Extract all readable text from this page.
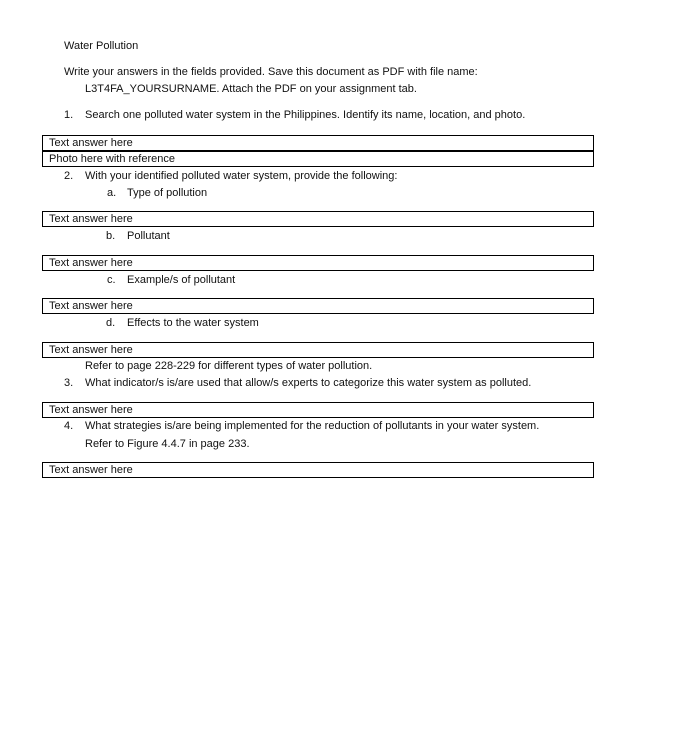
Water Pollution
Write your answers in the fields provided. Save this document as PDF with file name:
L3T4FA_YOURSURNAME. Attach the PDF on your assignment tab.
1. Search one polluted water system in the Philippines. Identify its name, location, and photo.
Text answer here
Photo here with reference
2. With your identified polluted water system, provide the following:
a. Type of pollution
Text answer here
b. Pollutant
Text answer here
c. Example/s of pollutant
Text answer here
d. Effects to the water system
Text answer here
Refer to page 228-229 for different types of water pollution.
3. What indicator/s is/are used that allow/s experts to categorize this water system as polluted.
Text answer here
4. What strategies is/are being implemented for the reduction of pollutants in your water system.
Refer to Figure 4.4.7 in page 233.
Text answer here
